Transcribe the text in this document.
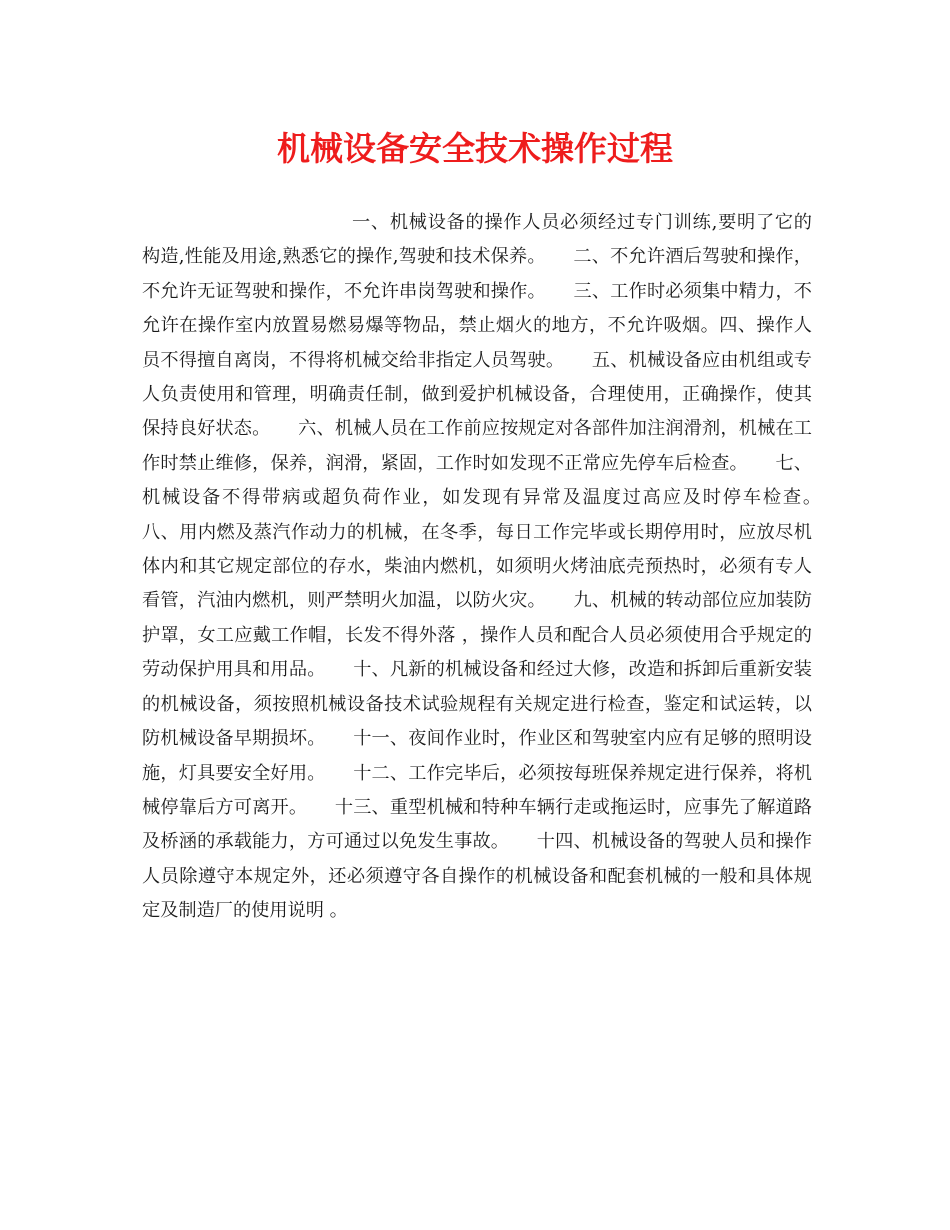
机械设备安全技术操作过程

一、机械设备的操作人员必须经过专门训练,要明了它的构造,性能及用途,熟悉它的操作,驾驶和技术保养。　　二、不允许酒后驾驶和操作，不允许无证驾驶和操作，不允许串岗驾驶和操作。　　三、工作时必须集中精力，不允许在操作室内放置易燃易爆等物品，禁止烟火的地方，不允许吸烟。四、操作人员不得擅自离岗，不得将机械交给非指定人员驾驶。　　五、机械设备应由机组或专人负责使用和管理，明确责任制，做到爱护机械设备，合理使用，正确操作，使其保持良好状态。　　六、机械人员在工作前应按规定对各部件加注润滑剂，机械在工作时禁止维修，保养，润滑，紧固，工作时如发现不正常应先停车后检查。　　七、机械设备不得带病或超负荷作业，如发现有异常及温度过高应及时停车检查。　　八、用内燃及蒸汽作动力的机械，在冬季，每日工作完毕或长期停用时，应放尽机体内和其它规定部位的存水，柴油内燃机，如须明火烤油底壳预热时，必须有专人看管，汽油内燃机，则严禁明火加温，以防火灾。　　九、机械的转动部位应加装防护罩，女工应戴工作帽，长发不得外落 ，操作人员和配合人员必须使用合乎规定的劳动保护用具和用品。　　十、凡新的机械设备和经过大修，改造和拆卸后重新安装的机械设备，须按照机械设备技术试验规程有关规定进行检查，鉴定和试运转，以防机械设备早期损坏。　　十一、夜间作业时，作业区和驾驶室内应有足够的照明设施，灯具要安全好用。　　十二、工作完毕后，必须按每班保养规定进行保养，将机械停靠后方可离开。　　十三、重型机械和特种车辆行走或拖运时，应事先了解道路及桥涵的承载能力，方可通过以免发生事故。　　十四、机械设备的驾驶人员和操作人员除遵守本规定外，还必须遵守各自操作的机械设备和配套机械的一般和具体规定及制造厂的使用说明 。
